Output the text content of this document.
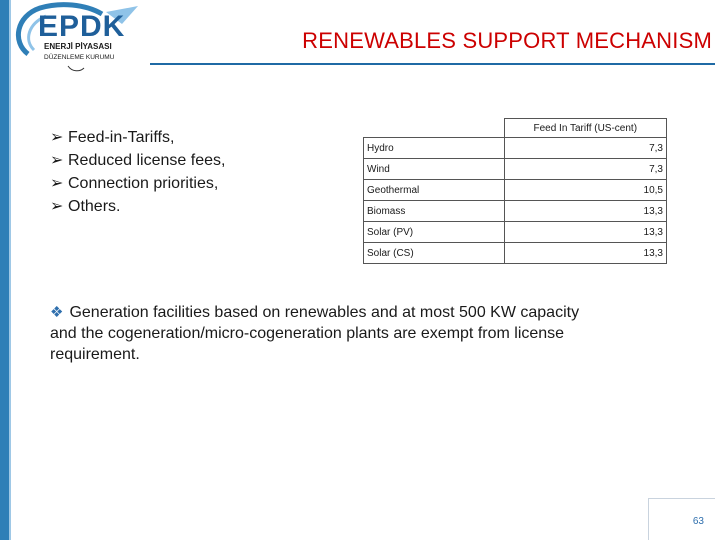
EPDK
ENERJİ PİYASASI
DÜZENLEME KURUMU
RENEWABLES SUPPORT MECHANISM
➢ Feed-in-Tariffs,
➢ Reduced license fees,
➢ Connection priorities,
➢ Others.
	Feed In Tariff (US-cent)
Hydro	7,3
Wind	7,3
Geothermal	10,5
Biomass	13,3
Solar (PV)	13,3
Solar (CS)	13,3
❖ Generation facilities based on renewables and at most 500 KW capacity and the cogeneration/micro-cogeneration plants are exempt from license requirement.
63
